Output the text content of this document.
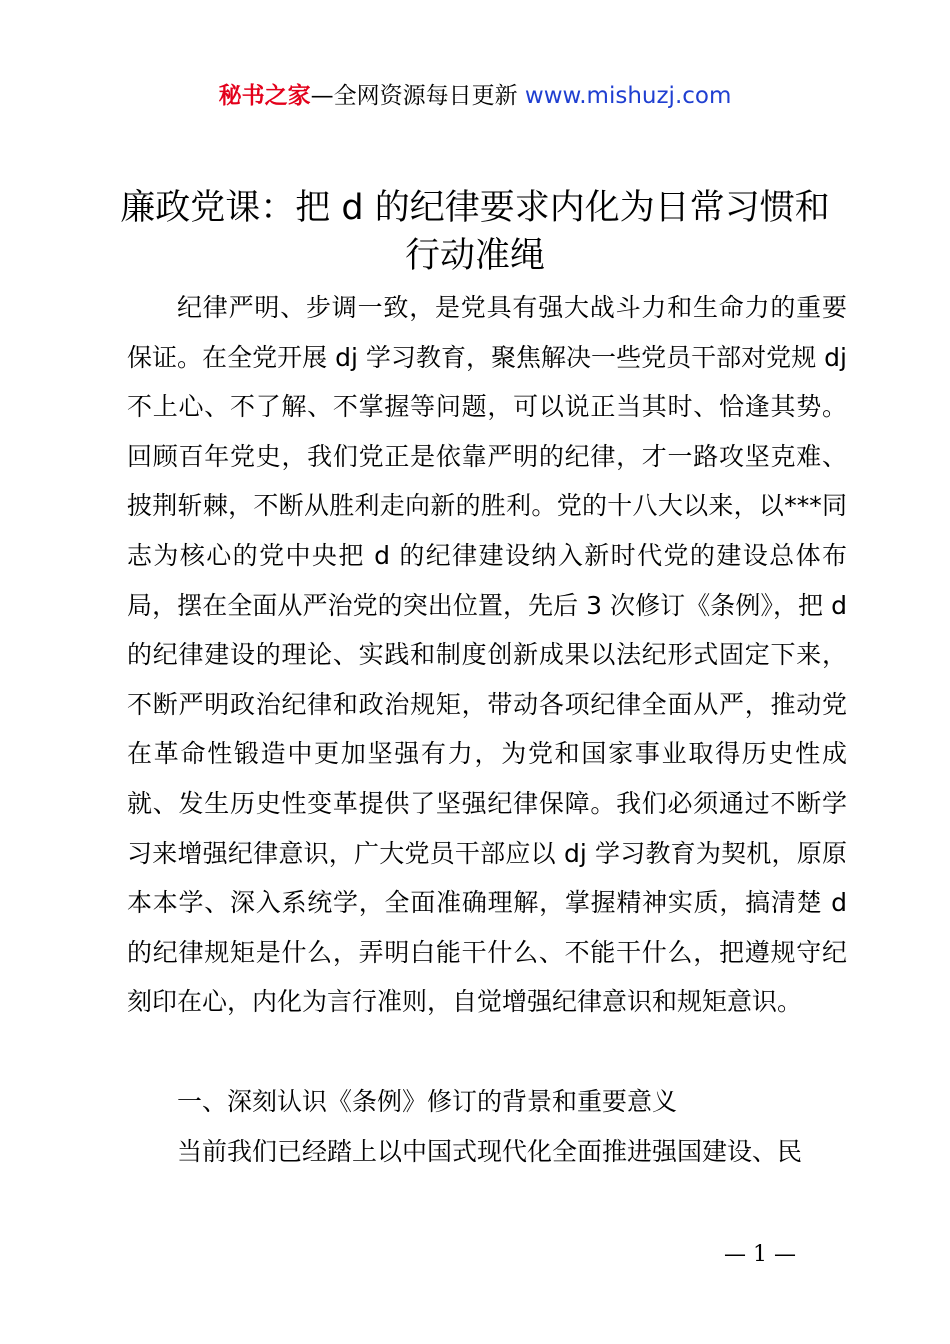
秘书之家—全网资源每日更新 www.mishuzj.com
廉政党课：把 d 的纪律要求内化为日常习惯和
行动准绳

纪律严明、步调一致，是党具有强大战斗力和生命力的重要保证。在全党开展 dj 学习教育，聚焦解决一些党员干部对党规 dj 不上心、不了解、不掌握等问题，可以说正当其时、恰逢其势。回顾百年党史，我们党正是依靠严明的纪律，才一路攻坚克难、披荆斩棘，不断从胜利走向新的胜利。党的十八大以来，以***同志为核心的党中央把 d 的纪律建设纳入新时代党的建设总体布局，摆在全面从严治党的突出位置，先后 3 次修订《条例》，把 d 的纪律建设的理论、实践和制度创新成果以法纪形式固定下来，不断严明政治纪律和政治规矩，带动各项纪律全面从严，推动党在革命性锻造中更加坚强有力，为党和国家事业取得历史性成就、发生历史性变革提供了坚强纪律保障。我们必须通过不断学习来增强纪律意识，广大党员干部应以 dj 学习教育为契机，原原本本学、深入系统学，全面准确理解，掌握精神实质，搞清楚 d 的纪律规矩是什么，弄明白能干什么、不能干什么，把遵规守纪刻印在心，内化为言行准则，自觉增强纪律意识和规矩意识。

一、深刻认识《条例》修订的背景和重要意义

当前我们已经踏上以中国式现代化全面推进强国建设、民

— 1 —
